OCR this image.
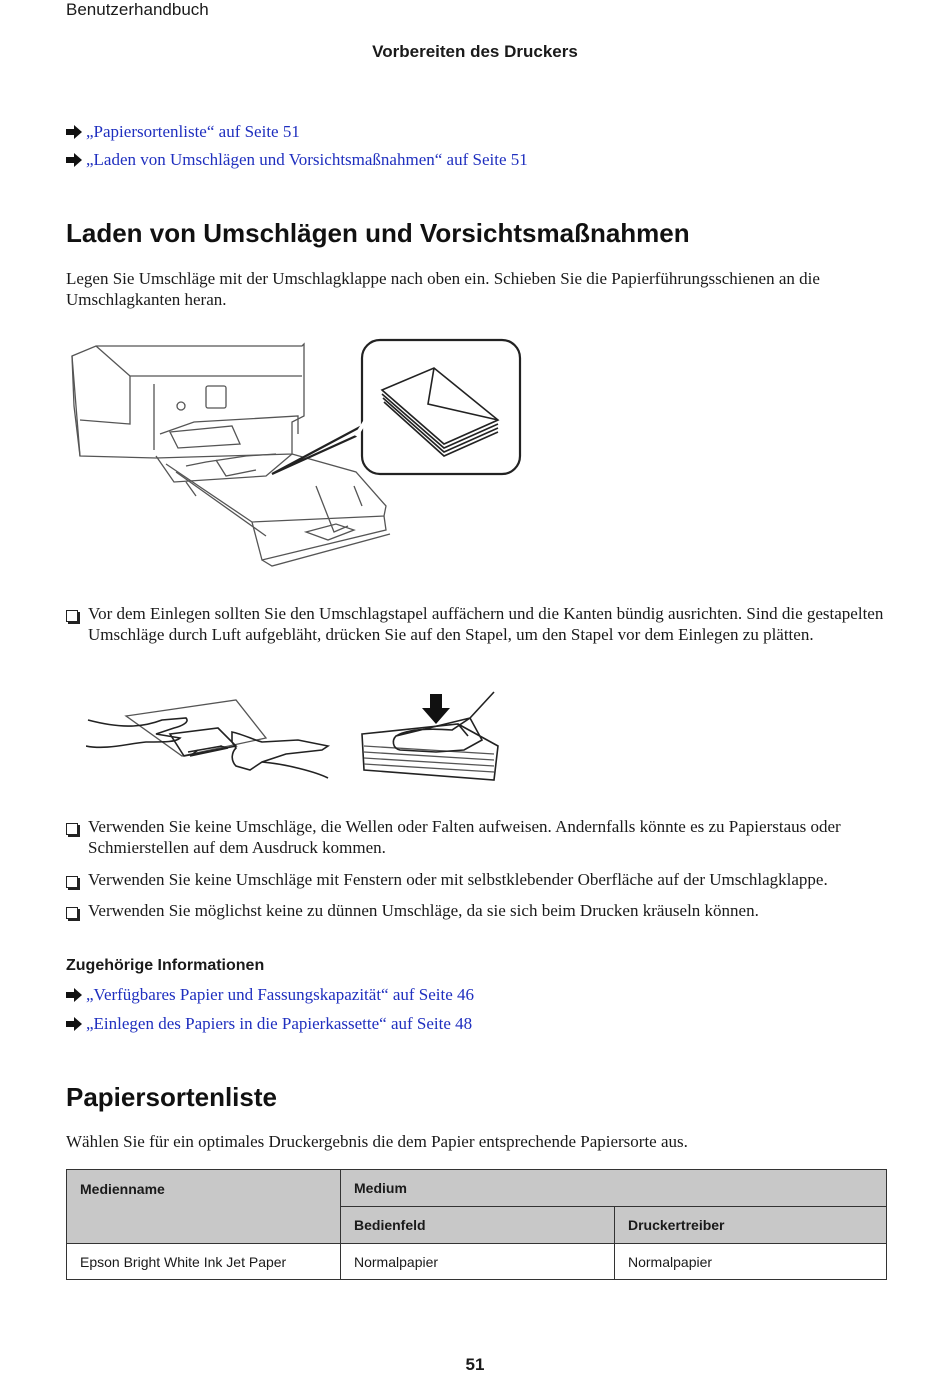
Benutzerhandbuch
Vorbereiten des Druckers
„Papiersortenliste“ auf Seite 51
„Laden von Umschlägen und Vorsichtsmaßnahmen“ auf Seite 51
Laden von Umschlägen und Vorsichtsmaßnahmen
Legen Sie Umschläge mit der Umschlagklappe nach oben ein. Schieben Sie die Papierführungsschienen an die Umschlagkanten heran.
Vor dem Einlegen sollten Sie den Umschlagstapel auffächern und die Kanten bündig ausrichten. Sind die gestapelten Umschläge durch Luft aufgebläht, drücken Sie auf den Stapel, um den Stapel vor dem Einlegen zu plätten.
Verwenden Sie keine Umschläge, die Wellen oder Falten aufweisen. Andernfalls könnte es zu Papierstaus oder Schmierstellen auf dem Ausdruck kommen.
Verwenden Sie keine Umschläge mit Fenstern oder mit selbstklebender Oberfläche auf der Umschlagklappe.
Verwenden Sie möglichst keine zu dünnen Umschläge, da sie sich beim Drucken kräuseln können.
Zugehörige Informationen
„Verfügbares Papier und Fassungskapazität“ auf Seite 46
„Einlegen des Papiers in die Papierkassette“ auf Seite 48
Papiersortenliste
Wählen Sie für ein optimales Druckergebnis die dem Papier entsprechende Papiersorte aus.
Medienname	Medium	
	Bedienfeld	Druckertreiber
Epson Bright White Ink Jet Paper	Normalpapier	Normalpapier
51
